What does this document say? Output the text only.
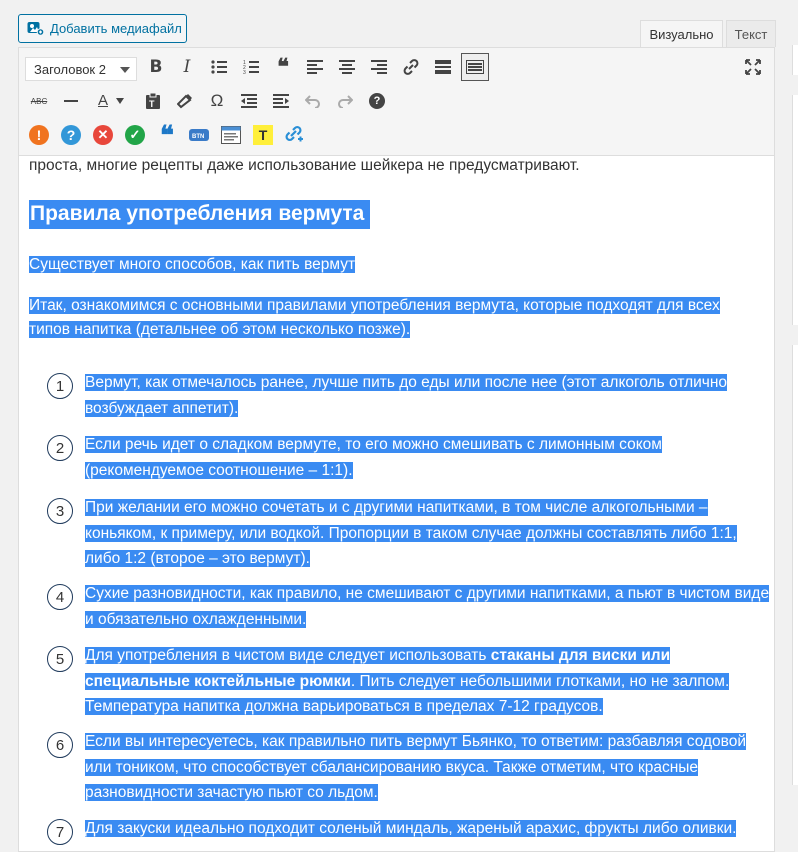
Добавить медиафайл	Визуально	Текст
Заголовок 2	B	I	1
2
3	❝
ABC	A	T	Ω	?
!	?	✕	✓ ❝	BTN	T
проста, многие рецепты даже использование шейкера не предусматривают.
Правила употребления вермута
Существует много способов, как пить вермут
Итак, ознакомимся с основными правилами употребления вермута, которые подходят для всех типов напитка (детальнее об этом несколько позже).
1	Вермут, как отмечалось ранее, лучше пить до еды или после нее (этот алкоголь отлично возбуждает аппетит).
2	Если речь идет о сладком вермуте, то его можно смешивать с лимонным соком (рекомендуемое соотношение – 1:1).
3	При желании его можно сочетать и с другими напитками, в том числе алкогольными – коньяком, к примеру, или водкой. Пропорции в таком случае должны составлять либо 1:1, либо 1:2 (второе – это вермут).
4	Сухие разновидности, как правило, не смешивают с другими напитками, а пьют в чистом виде и обязательно охлажденными.
5	Для употребления в чистом виде следует использовать стаканы для виски или специальные коктейльные рюмки. Пить следует небольшими глотками, но не залпом. Температура напитка должна варьироваться в пределах 7-12 градусов.
6	Если вы интересуетесь, как правильно пить вермут Бьянко, то ответим: разбавляя содовой или тоником, что способствует сбалансированию вкуса. Также отметим, что красные разновидности зачастую пьют со льдом.
7	Для закуски идеально подходит соленый миндаль, жареный арахис, фрукты либо оливки.
